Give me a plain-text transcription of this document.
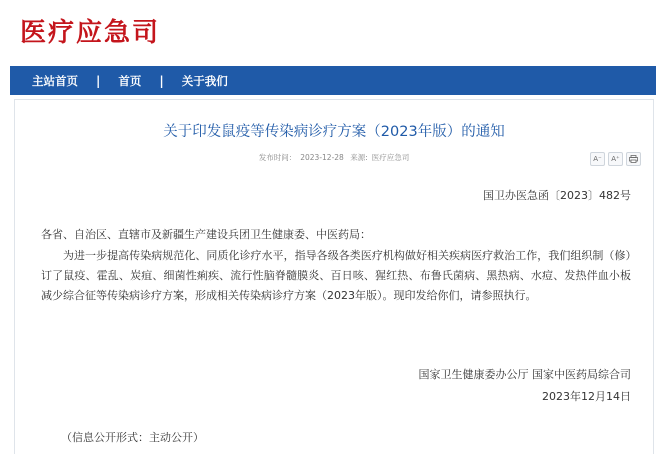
医疗应急司
主站首页	|	首页	|	关于我们
关于印发鼠疫等传染病诊疗方案（2023年版）的通知
发布时间： 2023-12-28 来源: 医疗应急司	A⁻	A⁺
国卫办医急函〔2023〕482号
各省、自治区、直辖市及新疆生产建设兵团卫生健康委、中医药局：
为进一步提高传染病规范化、同质化诊疗水平，指导各级各类医疗机构做好相关疾病医疗救治工作，我们组织制（修）订了鼠疫、霍乱、炭疽、细菌性痢疾、流行性脑脊髓膜炎、百日咳、猩红热、布鲁氏菌病、黑热病、水痘、发热伴血小板减少综合征等传染病诊疗方案，形成相关传染病诊疗方案（2023年版）。现印发给你们，请参照执行。
国家卫生健康委办公厅 国家中医药局综合司
2023年12月14日
（信息公开形式：主动公开）
